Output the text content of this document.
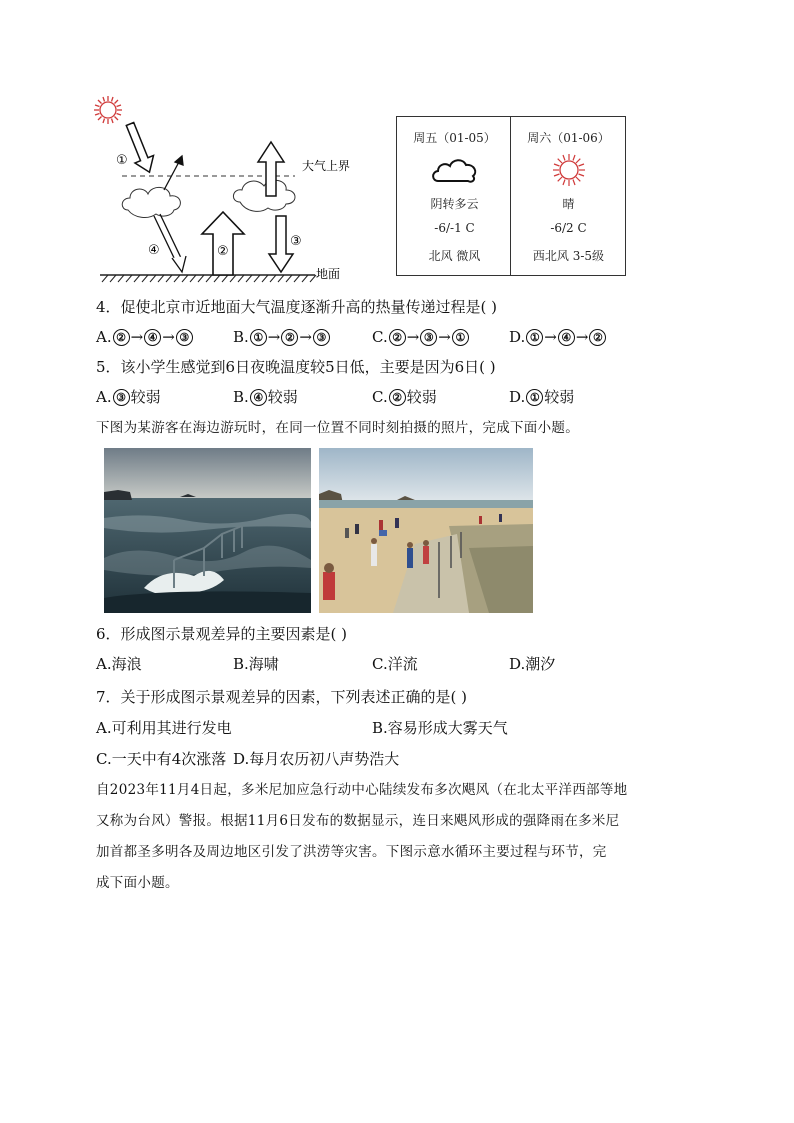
①
④	②
③
大气上界
地面
周五（01-05）
阴转多云
-6/-1 C
北风 微风
周六（01-06）
晴
-6/2 C
西北风 3-5级
4．促使北京市近地面大气温度逐渐升高的热量传递过程是( )
A. ② → ④ → ③	B. ① → ② → ③	C. ② → ③ → ①	D. ① → ④ → ②
5．该小学生感觉到6日夜晚温度较5日低，主要是因为6日( )
A. ③ 较弱	B. ④ 较弱	C. ② 较弱	D. ① 较弱
下图为某游客在海边游玩时，在同一位置不同时刻拍摄的照片，完成下面小题。
6．形成图示景观差异的主要因素是( )
A.海浪	B.海啸	C.洋流	D.潮汐
7．关于形成图示景观差异的因素，下列表述正确的是( )
A.可利用其进行发电	B.容易形成大雾天气
C.一天中有4次涨落 D.每月农历初八声势浩大
自2023年11月4日起，多米尼加应急行动中心陆续发布多次飓风（在北太平洋西部等地
又称为台风）警报。根据11月6日发布的数据显示，连日来飓风形成的强降雨在多米尼
加首都圣多明各及周边地区引发了洪涝等灾害。下图示意水循环主要过程与环节，完
成下面小题。
